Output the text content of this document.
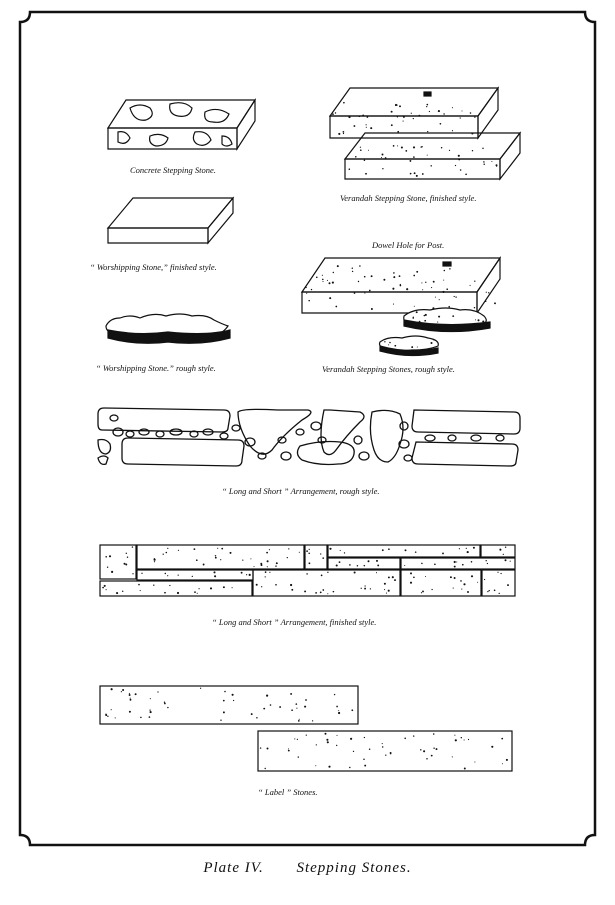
Concrete Stepping Stone.
Verandah Stepping Stone, finished style.
Dowel Hole for Post.
“ Worshipping Stone,” finished style.
“ Worshipping Stone.” rough style.	Verandah Stepping Stones, rough style.
“ Long and Short ” Arrangement, rough style.
“ Long and Short ” Arrangement, finished style.
“ Label ” Stones.
Plate IV. Stepping Stones.
